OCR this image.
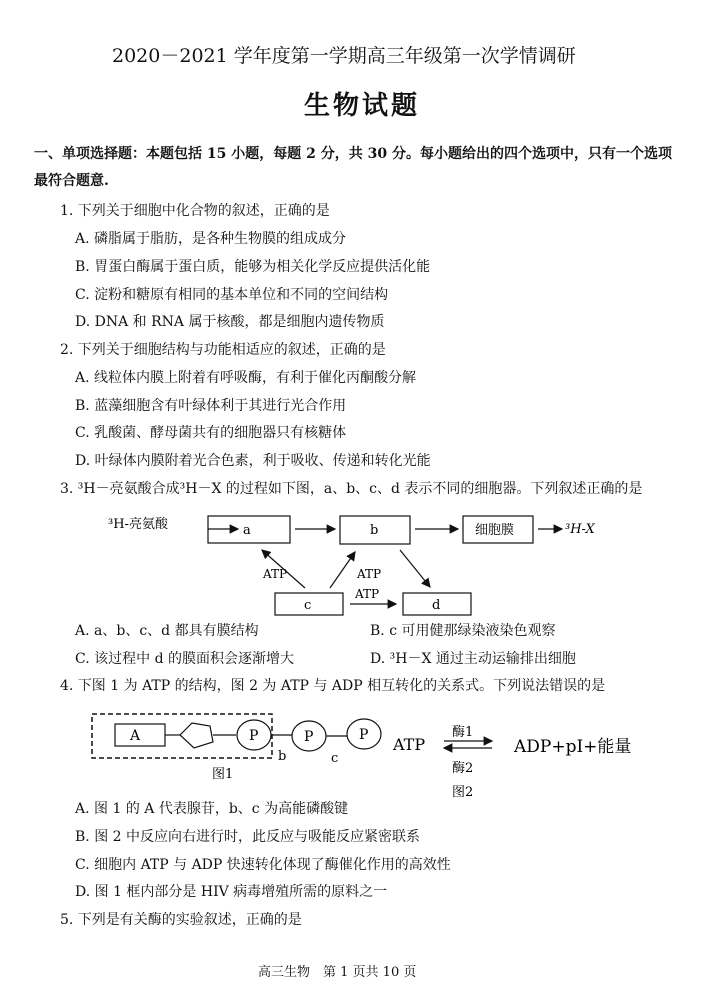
2020－2021 学年度第一学期高三年级第一次学情调研
生物试题
一、单项选择题：本题包括 15 小题，每题 2 分，共 30 分。每小题给出的四个选项中，只有一个选项
最符合题意.
1. 下列关于细胞中化合物的叙述，正确的是
A. 磷脂属于脂肪，是各种生物膜的组成成分
B. 胃蛋白酶属于蛋白质，能够为相关化学反应提供活化能
C. 淀粉和糖原有相同的基本单位和不同的空间结构
D. DNA 和 RNA 属于核酸，都是细胞内遗传物质
2. 下列关于细胞结构与功能相适应的叙述，正确的是
A. 线粒体内膜上附着有呼吸酶，有利于催化丙酮酸分解
B. 蓝藻细胞含有叶绿体利于其进行光合作用
C. 乳酸菌、酵母菌共有的细胞器只有核糖体
D. 叶绿体内膜附着光合色素，利于吸收、传递和转化光能
3. ³H－亮氨酸合成³H－X 的过程如下图，a、b、c、d 表示不同的细胞器。下列叙述正确的是
³H-亮氨酸	a	b	细胞膜	³H-X
c	d
ATP	ATP
ATP
A. a、b、c、d 都具有膜结构	B. c 可用健那绿染液染色观察
C. 该过程中 d 的膜面积会逐渐增大	D. ³H－X 通过主动运输排出细胞
4. 下图 1 为 ATP 的结构，图 2 为 ATP 与 ADP 相互转化的关系式。下列说法错误的是
A	P	P	P
b	c
图1
ATP
酶1
ADP+pI+能量
酶2
图2
A. 图 1 的 A 代表腺苷，b、c 为高能磷酸键
B. 图 2 中反应向右进行时，此反应与吸能反应紧密联系
C. 细胞内 ATP 与 ADP 快速转化体现了酶催化作用的高效性
D. 图 1 框内部分是 HIV 病毒增殖所需的原料之一
5. 下列是有关酶的实验叙述，正确的是
高三生物　第 1 页共 10 页
